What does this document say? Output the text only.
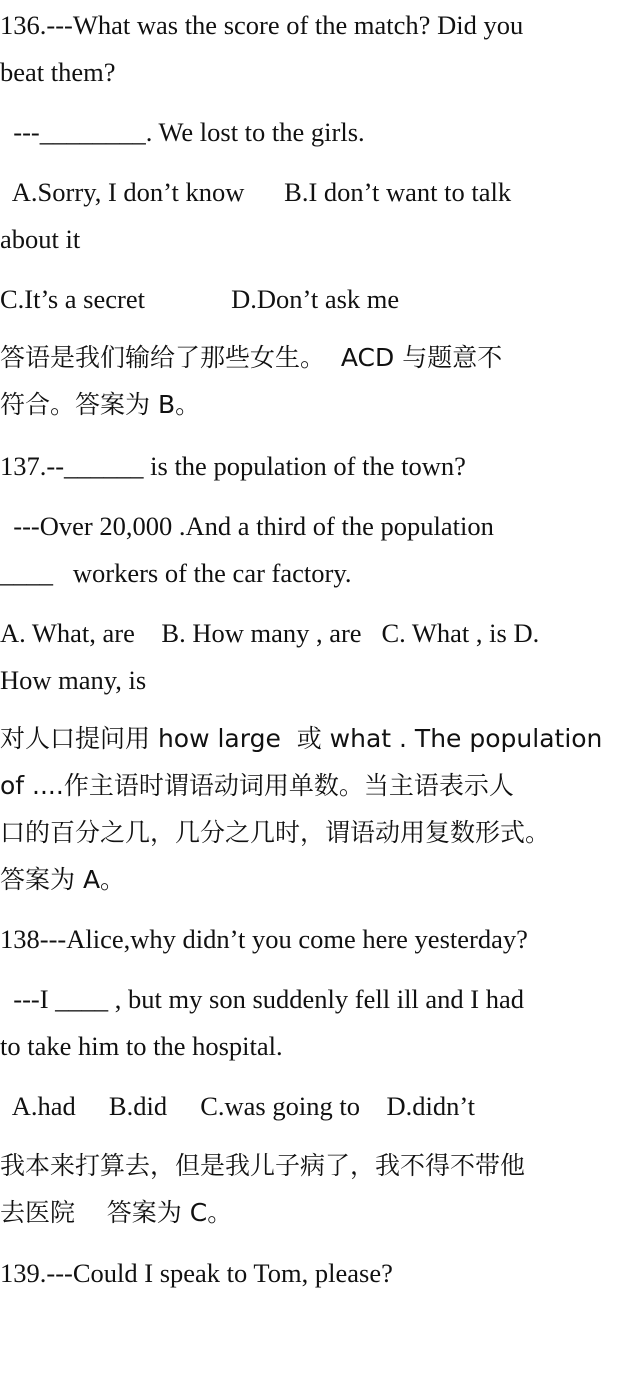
136.---What was the score of the match? Did you
beat them?
---________. We lost to the girls.
A.Sorry, I don’t know      B.I don’t want to talk
about it
C.It’s a secret             D.Don’t ask me
答语是我们输给了那些女生。  ACD 与题意不
符合。答案为 B。
137.--______ is the population of the town?
---Over 20,000 .And a third of the population
____   workers of the car factory.
A. What, are    B. How many , are   C. What , is D.
How many, is
对人口提问用 how large  或 what . The population
of ....作主语时谓语动词用单数。当主语表示人
口的百分之几，几分之几时，谓语动用复数形式。
答案为 A。
138---Alice,why didn’t you come here yesterday?
---I ____ , but my son suddenly fell ill and I had
to take him to the hospital.
A.had     B.did     C.was going to    D.didn’t
我本来打算去，但是我儿子病了，我不得不带他
去医院    答案为 C。
139.---Could I speak to Tom, please?
